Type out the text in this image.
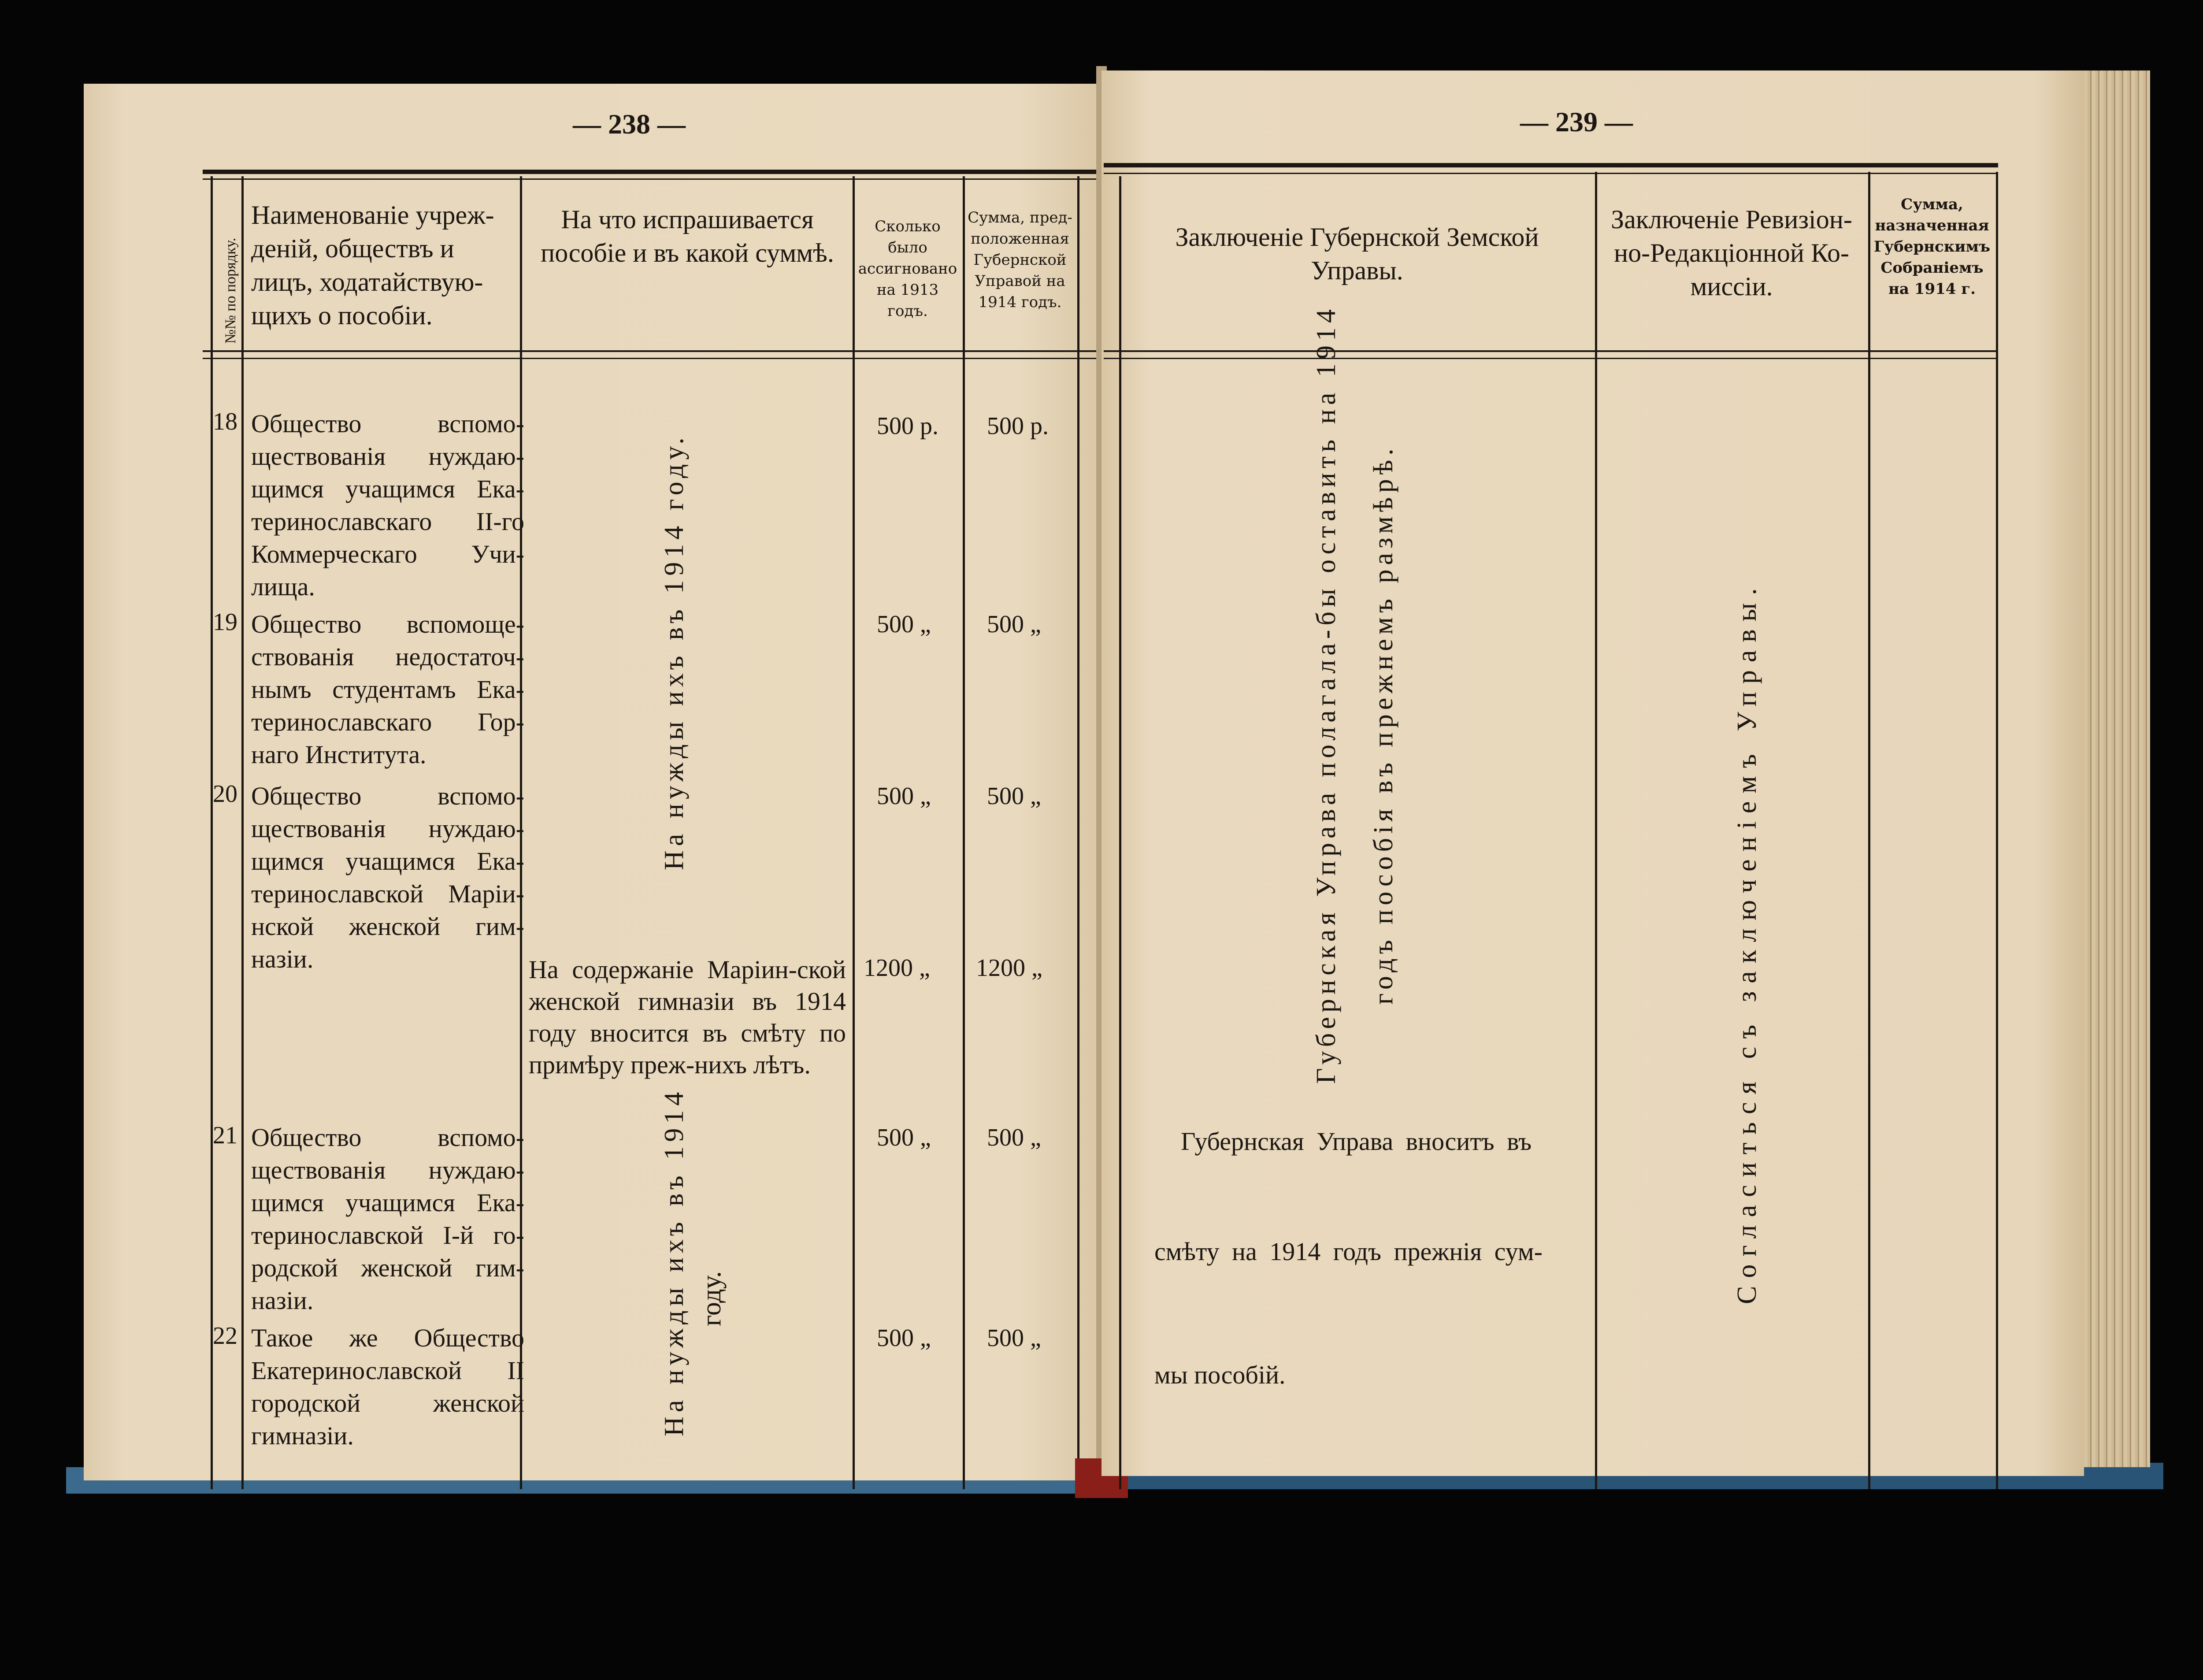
— 238 —
№№ по порядку.
Наименованіе учреж-деній, обществъ и лицъ, ходатайствую-щихъ о пособіи.
На что испрашивается пособіе и въ какой суммѣ.
Сколько было ассигновано на 1913 годъ.
Сумма, пред-положенная Губернской Управой на 1914 годъ.
18 Общество вспомо-ществованія нуждаю-щимся учащимся Ека-теринославскаго II-го Коммерческаго Учи-лища.
500 р. 500 р.
19 Общество вспомоще-ствованія недостаточ-нымъ студентамъ Ека-теринославскаго Гор-наго Института.
500 „ 500 „
20 Общество вспомо-ществованія нуждаю-щимся учащимся Ека-теринославской Маріи-нской женской гим-назіи.
500 „ 500 „
1200 „ 1200 „
21 Общество вспомо-ществованія нуждаю-щимся учащимся Ека-теринославской I-й го-родской женской гим-назіи.
500 „ 500 „
22 Такое же Общество Екатеринославской II городской женской гимназіи.
500 „ 500 „
На нужды ихъ въ 1914 году.
На содержаніе Маріин-ской женской гимназіи въ 1914 году вносится въ смѣту по примѣру преж-нихъ лѣтъ.
На нужды ихъ въ 1914 году.
— 239 —
Заключеніе Губернской Земской Управы.
Заключеніе Ревизіон-но-Редакціонной Ко-миссіи.
Сумма, назначенная Губернскимъ Собраніемъ на 1914 г.
Губернская Управа полагала-бы оставить на 1914 годъ пособія въ прежнемъ размѣрѣ.
Губернская Управа вноситъ въ
смѣту на 1914 годъ прежнія сум-
мы пособій.
Согласиться съ заключеніемъ Управы.
